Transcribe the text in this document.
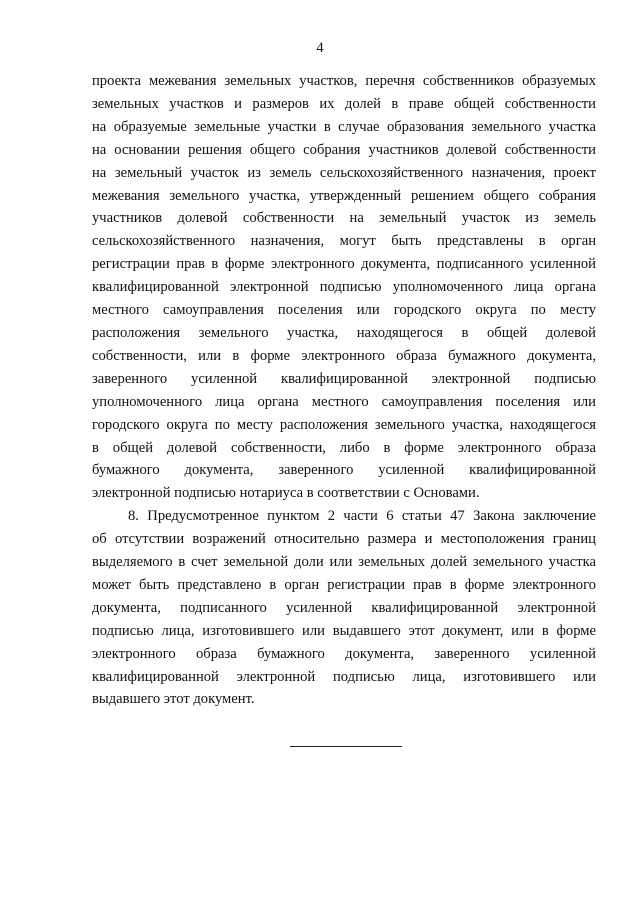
4
проекта межевания земельных участков, перечня собственников образуемых
земельных участков и размеров их долей в праве общей собственности
на образуемые земельные участки в случае образования земельного участка
на основании решения общего собрания участников долевой собственности
на земельный участок из земель сельскохозяйственного назначения, проект
межевания земельного участка, утвержденный решением общего собрания
участников долевой собственности на земельный участок из земель
сельскохозяйственного назначения, могут быть представлены в орган
регистрации прав в форме электронного документа, подписанного усиленной
квалифицированной электронной подписью уполномоченного лица органа
местного самоуправления поселения или городского округа по месту
расположения земельного участка, находящегося в общей долевой
собственности, или в форме электронного образа бумажного документа,
заверенного усиленной квалифицированной электронной подписью
уполномоченного лица органа местного самоуправления поселения или
городского округа по месту расположения земельного участка, находящегося
в общей долевой собственности, либо в форме электронного образа
бумажного документа, заверенного усиленной квалифицированной
электронной подписью нотариуса в соответствии с Основами.
8. Предусмотренное пунктом 2 части 6 статьи 47 Закона заключение
об отсутствии возражений относительно размера и местоположения границ
выделяемого в счет земельной доли или земельных долей земельного участка
может быть представлено в орган регистрации прав в форме электронного
документа, подписанного усиленной квалифицированной электронной
подписью лица, изготовившего или выдавшего этот документ, или в форме
электронного образа бумажного документа, заверенного усиленной
квалифицированной электронной подписью лица, изготовившего или
выдавшего этот документ.
